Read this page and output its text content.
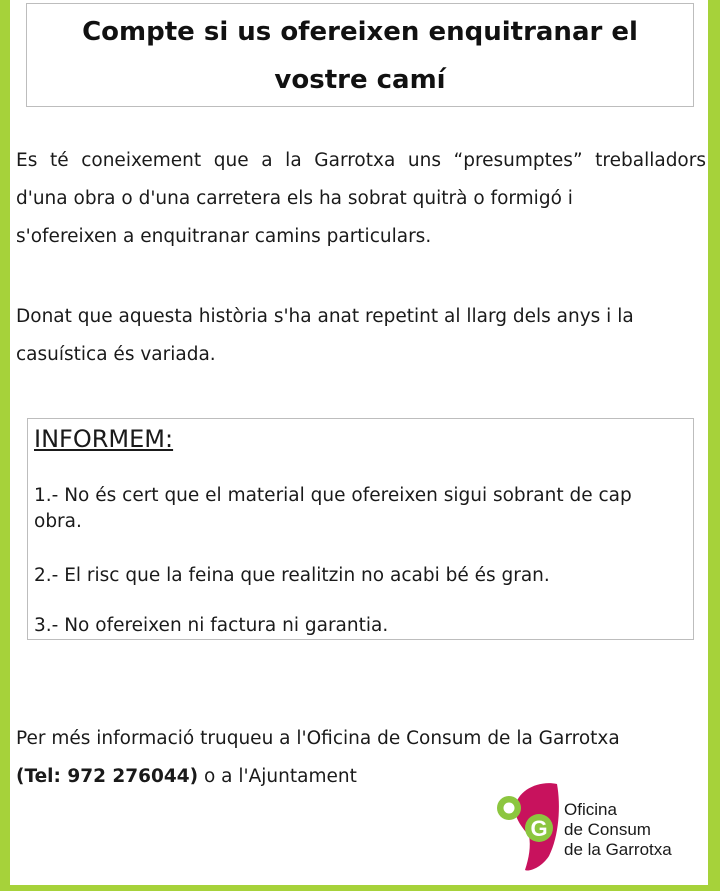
Compte si us ofereixen enquitranar el
vostre camí
Es té coneixement que a la Garrotxa uns “presumptes” treballadors
d'una obra o d'una carretera els ha sobrat quitrà o formigó i
s'ofereixen a enquitranar camins particulars.
Donat que aquesta història s'ha anat repetint al llarg dels anys i la
casuística és variada.
INFORMEM:
1.- No és cert que el material que ofereixen sigui sobrant de cap obra.
2.- El risc que la feina que realitzin no acabi bé és gran.
3.- No ofereixen ni factura ni garantia.
Per més informació truqueu a l'Oficina de Consum de la Garrotxa
(Tel: 972 276044) o a l'Ajuntament
G
Oficina
de Consum
de la Garrotxa
